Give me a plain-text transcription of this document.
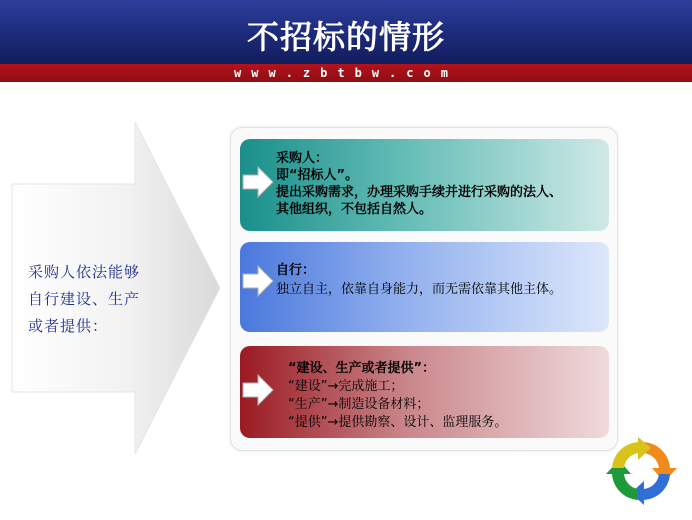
不招标的情形
www.zbtbw.com
采购人依法能够
自行建设、生产
或者提供：
采购人：
即“招标人”。
提出采购需求，办理采购手续并进行采购的法人、
其他组织，不包括自然人。
自行：
独立自主，依靠自身能力，而无需依靠其他主体。
“建设、生产或者提供”：
“建设”→完成施工；
“生产”→制造设备材料；
“提供”→提供勘察、设计、监理服务。
